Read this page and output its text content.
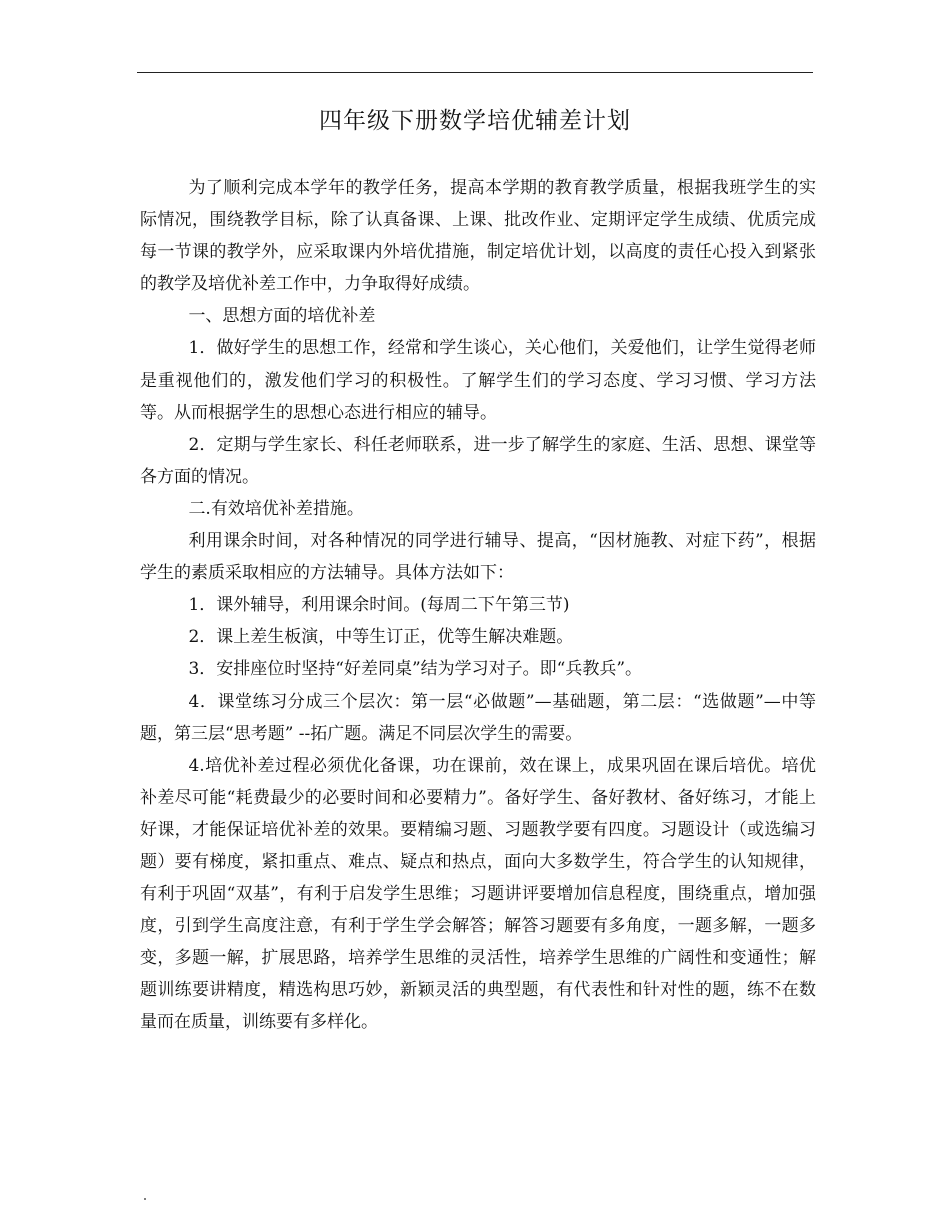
四年级下册数学培优辅差计划

为了顺利完成本学年的教学任务，提高本学期的教育教学质量，根据我班学生的实际情况，围绕教学目标，除了认真备课、上课、批改作业、定期评定学生成绩、优质完成每一节课的教学外，应采取课内外培优措施，制定培优计划，以高度的责任心投入到紧张的教学及培优补差工作中，力争取得好成绩。

一、思想方面的培优补差

1．做好学生的思想工作，经常和学生谈心，关心他们，关爱他们，让学生觉得老师是重视他们的，激发他们学习的积极性。了解学生们的学习态度、学习习惯、学习方法等。从而根据学生的思想心态进行相应的辅导。

2．定期与学生家长、科任老师联系，进一步了解学生的家庭、生活、思想、课堂等各方面的情况。

二.有效培优补差措施。

利用课余时间，对各种情况的同学进行辅导、提高，“因材施教、对症下药”，根据学生的素质采取相应的方法辅导。具体方法如下：

1．课外辅导，利用课余时间。(每周二下午第三节)

2．课上差生板演，中等生订正，优等生解决难题。

3．安排座位时坚持“好差同桌”结为学习对子。即“兵教兵”。

4．课堂练习分成三个层次：第一层“必做题”—基础题，第二层：“选做题”—中等题，第三层“思考题” --拓广题。满足不同层次学生的需要。

4.培优补差过程必须优化备课，功在课前，效在课上，成果巩固在课后培优。培优补差尽可能“耗费最少的必要时间和必要精力”。备好学生、备好教材、备好练习，才能上好课，才能保证培优补差的效果。要精编习题、习题教学要有四度。习题设计（或选编习题）要有梯度，紧扣重点、难点、疑点和热点，面向大多数学生，符合学生的认知规律，有利于巩固“双基”，有利于启发学生思维；习题讲评要增加信息程度，围绕重点，增加强度，引到学生高度注意，有利于学生学会解答；解答习题要有多角度，一题多解，一题多变，多题一解，扩展思路，培养学生思维的灵活性，培养学生思维的广阔性和变通性；解题训练要讲精度，精选构思巧妙，新颖灵活的典型题，有代表性和针对性的题，练不在数量而在质量，训练要有多样化。
